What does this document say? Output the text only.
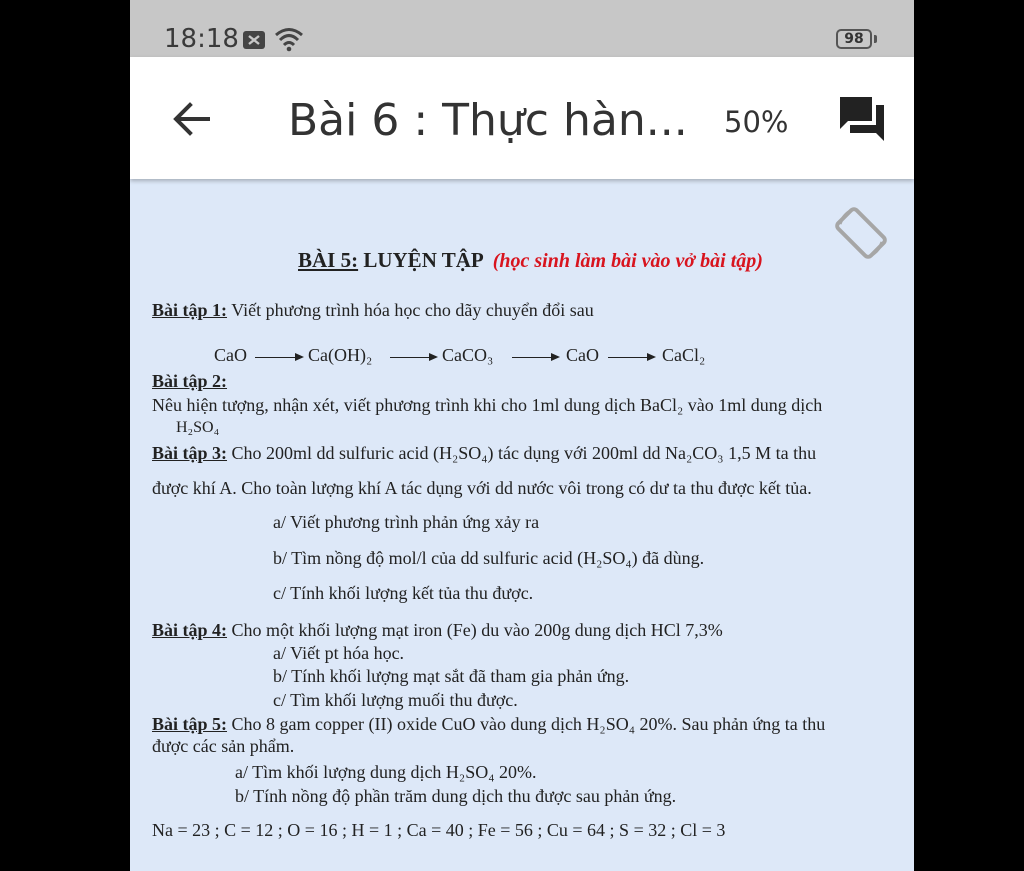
18:18	98
Bài 6 : Thực hàn... 50%
BÀI 5: LUYỆN TẬP (học sinh làm bài vào vở bài tập)
Bài tập 1: Viết phương trình hóa học cho dãy chuyển đổi sau
CaO	Ca(OH)₂	CaCO₃	CaO	CaCl₂
Bài tập 2:
Nêu hiện tượng, nhận xét, viết phương trình khi cho 1ml dung dịch BaCl₂ vào 1ml dung dịch
H₂SO₄
Bài tập 3: Cho 200ml dd sulfuric acid (H₂SO₄) tác dụng với 200ml dd Na₂CO₃ 1,5 M ta thu
được khí A. Cho toàn lượng khí A tác dụng với dd nước vôi trong có dư ta thu được kết tủa.
a/ Viết phương trình phản ứng xảy ra
b/ Tìm nồng độ mol/l của dd sulfuric acid (H₂SO₄) đã dùng.
c/ Tính khối lượng kết tủa thu được.
Bài tập 4: Cho một khối lượng mạt iron (Fe) du vào 200g dung dịch HCl 7,3%
a/ Viết pt hóa học.
b/ Tính khối lượng mạt sắt đã tham gia phản ứng.
c/ Tìm khối lượng muối thu được.
Bài tập 5: Cho 8 gam copper (II) oxide CuO vào dung dịch H₂SO₄ 20%. Sau phản ứng ta thu
được các sản phẩm.
a/ Tìm khối lượng dung dịch H₂SO₄ 20%.
b/ Tính nồng độ phần trăm dung dịch thu được sau phản ứng.
Na = 23 ; C = 12 ; O = 16 ; H = 1 ; Ca = 40 ; Fe = 56 ; Cu = 64 ; S = 32 ; Cl = 3
